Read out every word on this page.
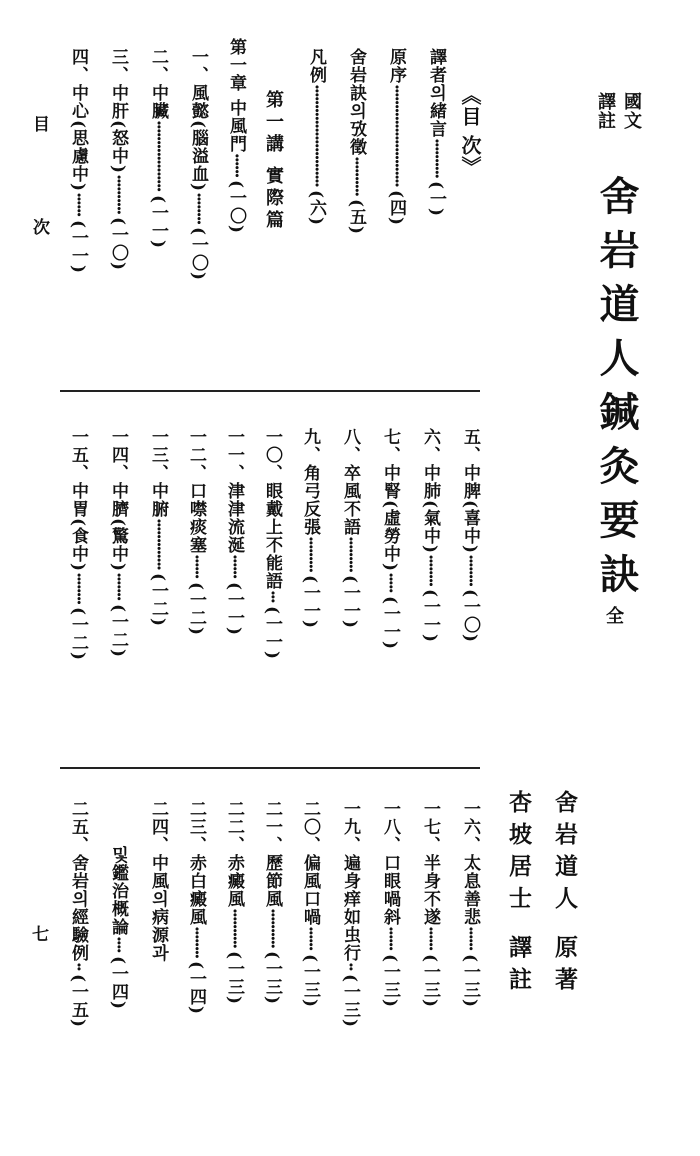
國文
譯註
舍岩道人鍼灸要訣
全
舍岩道人 原著
杏坡居士 譯註
《目 次》
譯者의緒言··········(一)
原序··························(四)
舍岩訣의攷徵··········(五)
凡例··························(六)
第一講 實際篇
第一章 中風門······(一〇)
一、風懿(腦溢血)········(一〇)
二、中臟··················(一一)
三、中肝(怒中)··········(一〇)
四、中心(思慮中)······(一一)
五、中脾(喜中)········(一〇)
六、中肺(氣中)········(一一)
七、中腎(虛勞中)·····(一一)
八、卒風不語·········(一一)
九、角弓反張·········(一一)
一〇、眼戴上不能語···(一一)
一一、津津流涎······(一一)
一二、口噤痰塞······(一二)
一三、中腑·············(一二)
一四、中臍(驚中)·······(一二)
一五、中胃(食中)········(一二)
一六、太息善悲······(一三)
一七、半身不遂······(一三)
一八、口眼喎斜······(一三)
一九、遍身痒如虫行··(一三)
二〇、偏風口喎······(一三)
二一、歷節風··········(一三)
二二、赤癜風··········(一三)
二三、赤白癜風········(一四)
二四、中風의病源과
및鑑治概論····(一四)
二五、舍岩의經驗例··(一五)
目 次
七
